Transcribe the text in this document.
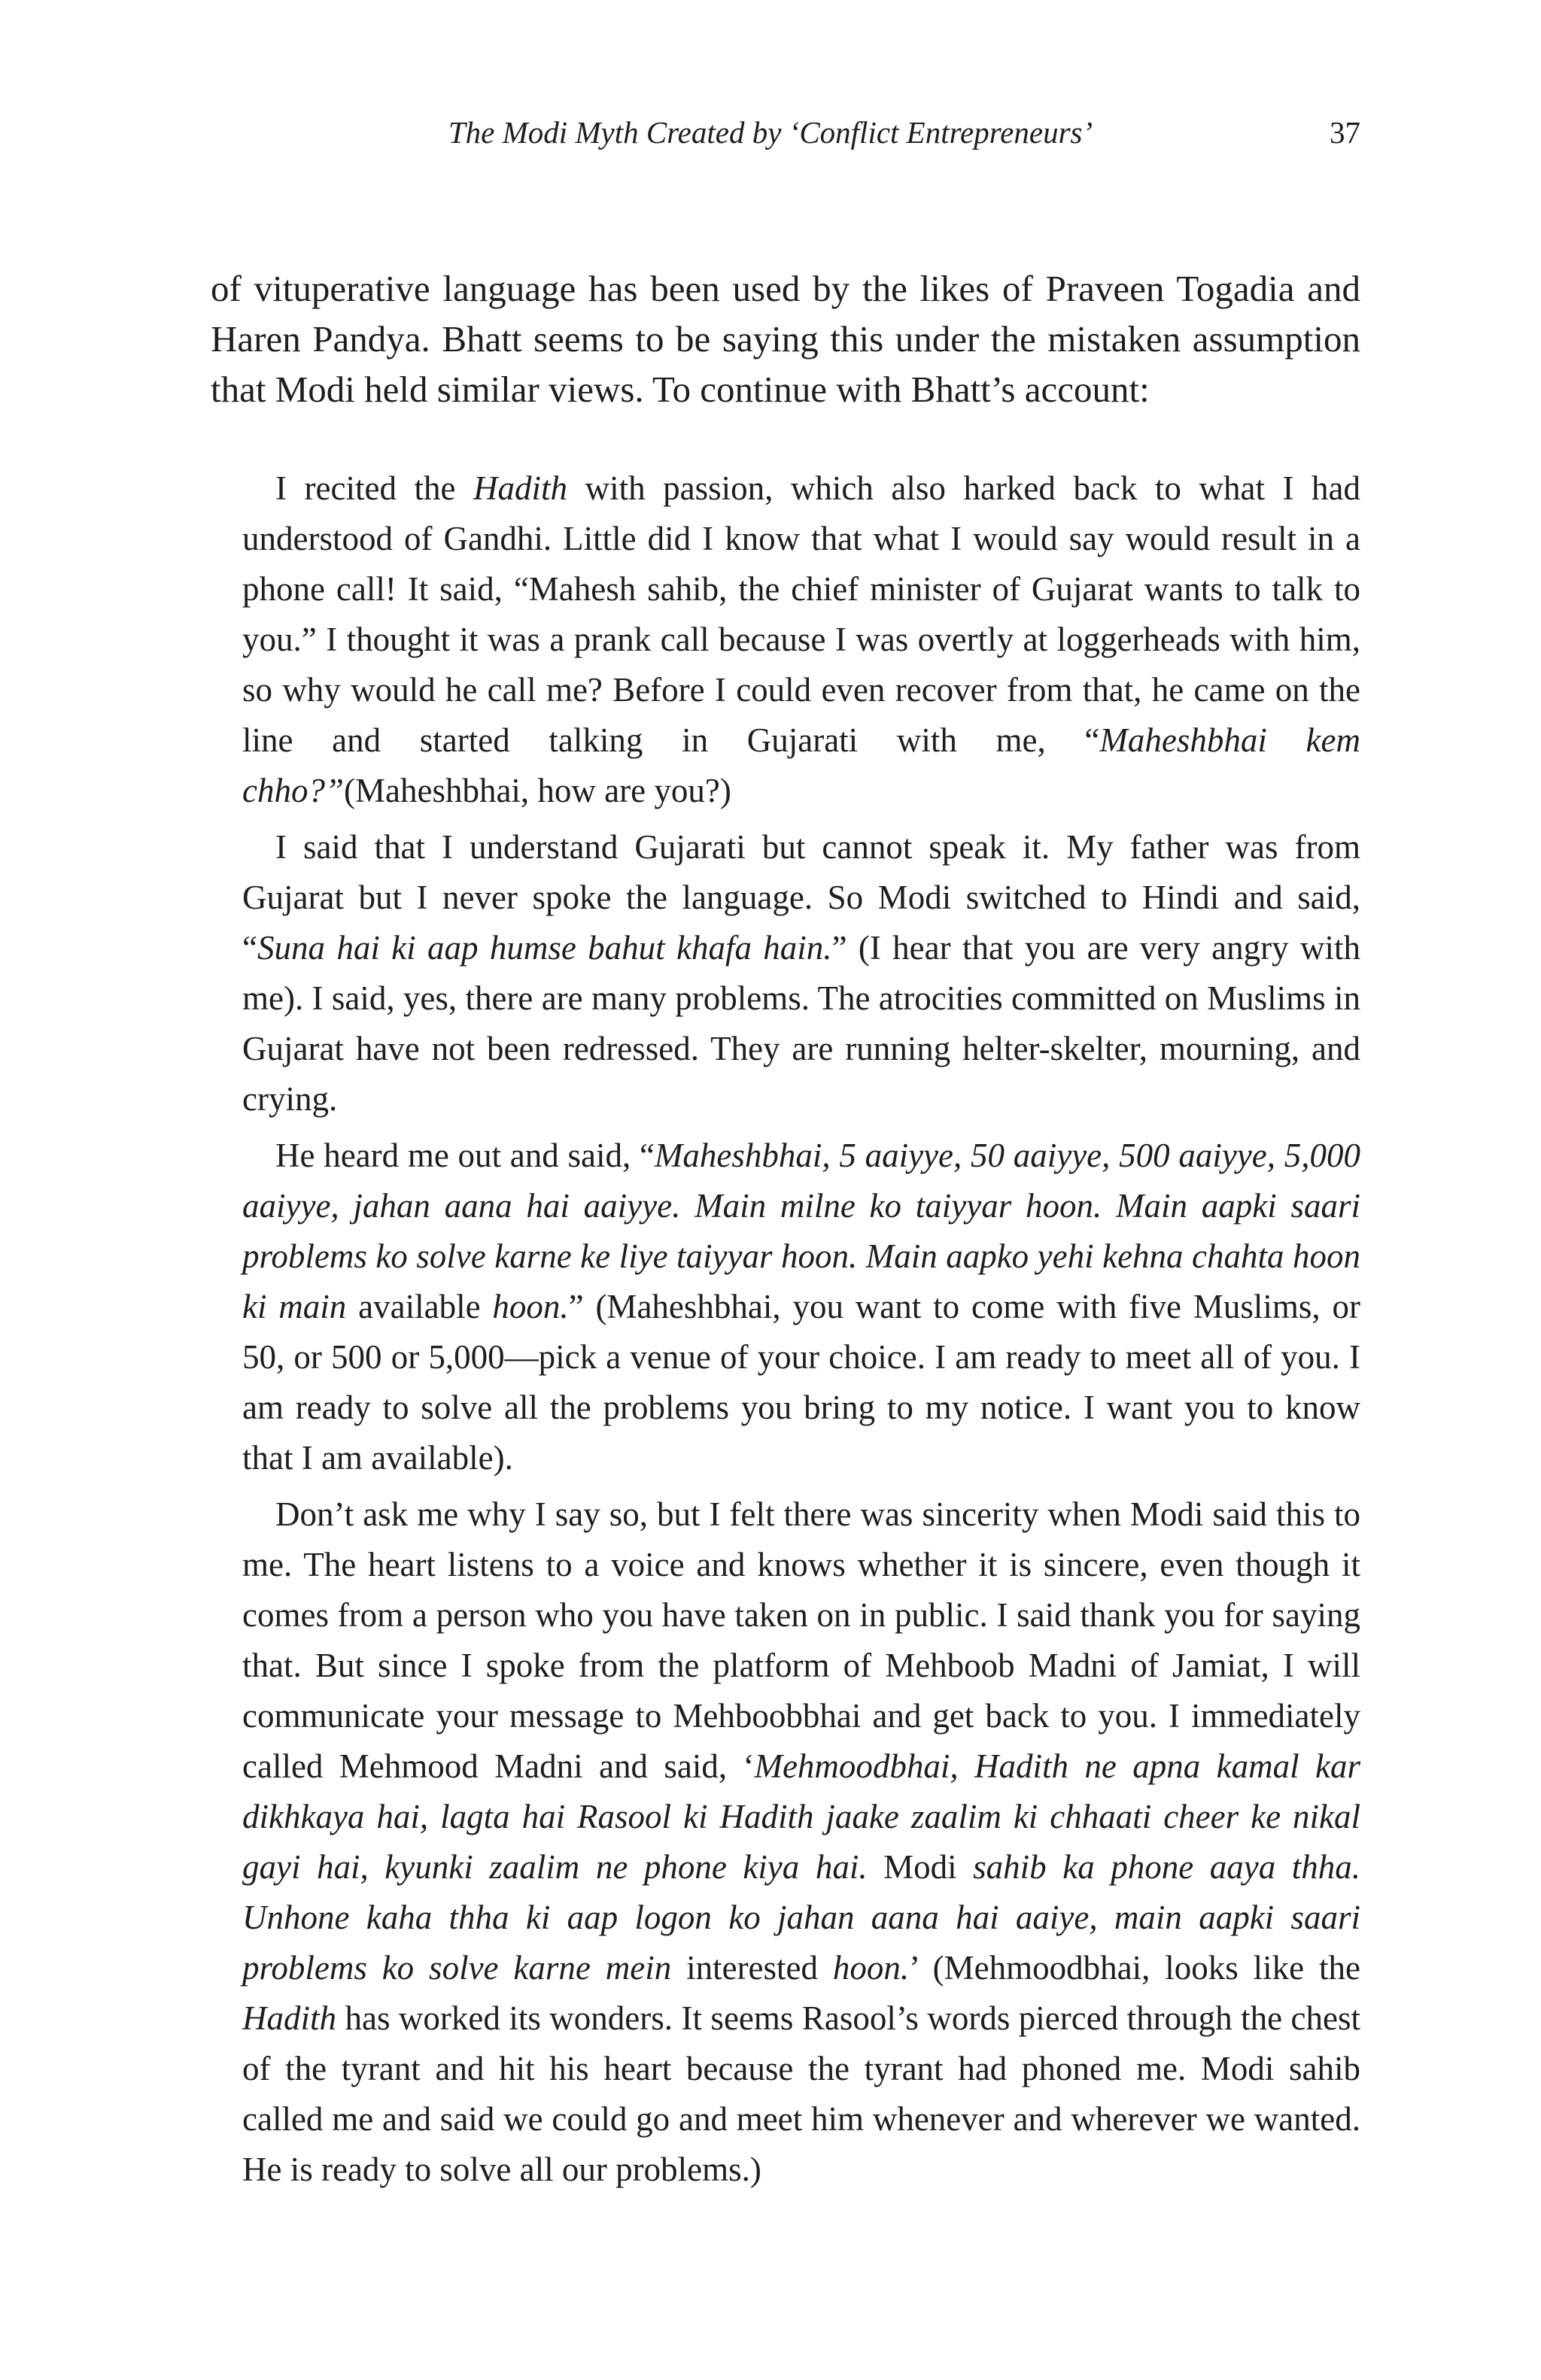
The Modi Myth Created by ‘Conflict Entrepreneurs’	37

of vituperative language has been used by the likes of Praveen Togadia and Haren Pandya. Bhatt seems to be saying this under the mistaken assumption that Modi held similar views. To continue with Bhatt’s account:

I recited the Hadith with passion, which also harked back to what I had understood of Gandhi. Little did I know that what I would say would result in a phone call! It said, “Mahesh sahib, the chief minister of Gujarat wants to talk to you.” I thought it was a prank call because I was overtly at loggerheads with him, so why would he call me? Before I could even recover from that, he came on the line and started talking in Gujarati with me, “Maheshbhai kem chho?”(Maheshbhai, how are you?)

I said that I understand Gujarati but cannot speak it. My father was from Gujarat but I never spoke the language. So Modi switched to Hindi and said, “Suna hai ki aap humse bahut khafa hain.” (I hear that you are very angry with me). I said, yes, there are many problems. The atrocities committed on Muslims in Gujarat have not been redressed. They are running helter-skelter, mourning, and crying.

He heard me out and said, “Maheshbhai, 5 aaiyye, 50 aaiyye, 500 aaiyye, 5,000 aaiyye, jahan aana hai aaiyye. Main milne ko taiyyar hoon. Main aapki saari problems ko solve karne ke liye taiyyar hoon. Main aapko yehi kehna chahta hoon ki main available hoon.” (Maheshbhai, you want to come with five Muslims, or 50, or 500 or 5,000—pick a venue of your choice. I am ready to meet all of you. I am ready to solve all the problems you bring to my notice. I want you to know that I am available).

Don’t ask me why I say so, but I felt there was sincerity when Modi said this to me. The heart listens to a voice and knows whether it is sincere, even though it comes from a person who you have taken on in public. I said thank you for saying that. But since I spoke from the platform of Mehboob Madni of Jamiat, I will communicate your message to Mehboobbhai and get back to you. I immediately called Mehmood Madni and said, ‘Mehmoodbhai, Hadith ne apna kamal kar dikhkaya hai, lagta hai Rasool ki Hadith jaake zaalim ki chhaati cheer ke nikal gayi hai, kyunki zaalim ne phone kiya hai. Modi sahib ka phone aaya thha. Unhone kaha thha ki aap logon ko jahan aana hai aaiye, main aapki saari problems ko solve karne mein interested hoon.’ (Mehmoodbhai, looks like the Hadith has worked its wonders. It seems Rasool’s words pierced through the chest of the tyrant and hit his heart because the tyrant had phoned me. Modi sahib called me and said we could go and meet him whenever and wherever we wanted. He is ready to solve all our problems.)
